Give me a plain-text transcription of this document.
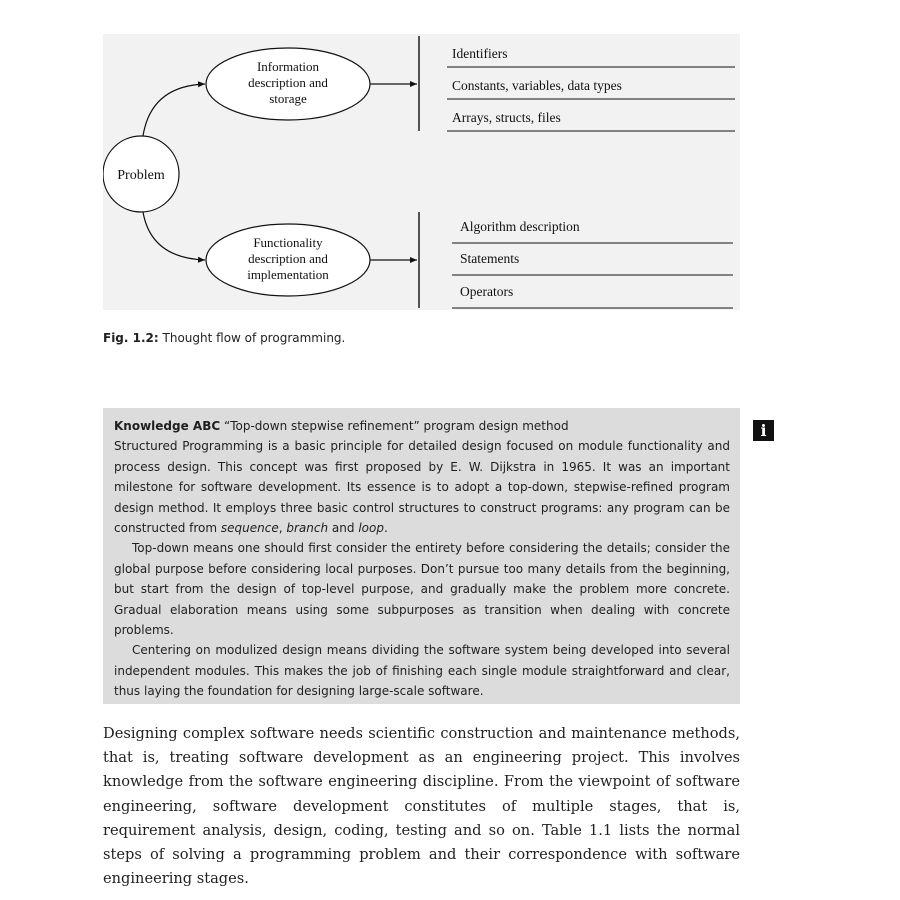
Problem
Information
description and
storage
Functionality
description and
implementation
Identifiers
Constants, variables, data types
Arrays, structs, files
Algorithm description
Statements
Operators
Fig. 1.2: Thought flow of programming.

Knowledge ABC “Top-down stepwise refinement” program design method

Structured Programming is a basic principle for detailed design focused on module functionality and process design. This concept was first proposed by E. W. Dijkstra in 1965. It was an important milestone for software development. Its essence is to adopt a top-down, stepwise-refined program design method. It employs three basic control structures to construct programs: any program can be constructed from sequence, branch and loop.

Top-down means one should first consider the entirety before considering the details; consider the global purpose before considering local purposes. Don’t pursue too many details from the beginning, but start from the design of top-level purpose, and gradually make the problem more concrete. Gradual elaboration means using some subpurposes as transition when dealing with concrete problems.

Centering on modulized design means dividing the software system being developed into several independent modules. This makes the job of finishing each single module straightforward and clear, thus laying the foundation for designing large-scale software.

i

Designing complex software needs scientific construction and maintenance methods, that is, treating software development as an engineering project. This involves knowledge from the software engineering discipline. From the viewpoint of software engineering, software development constitutes of multiple stages, that is, requirement analysis, design, coding, testing and so on. Table 1.1 lists the normal steps of solving a programming problem and their correspondence with software engineering stages.
